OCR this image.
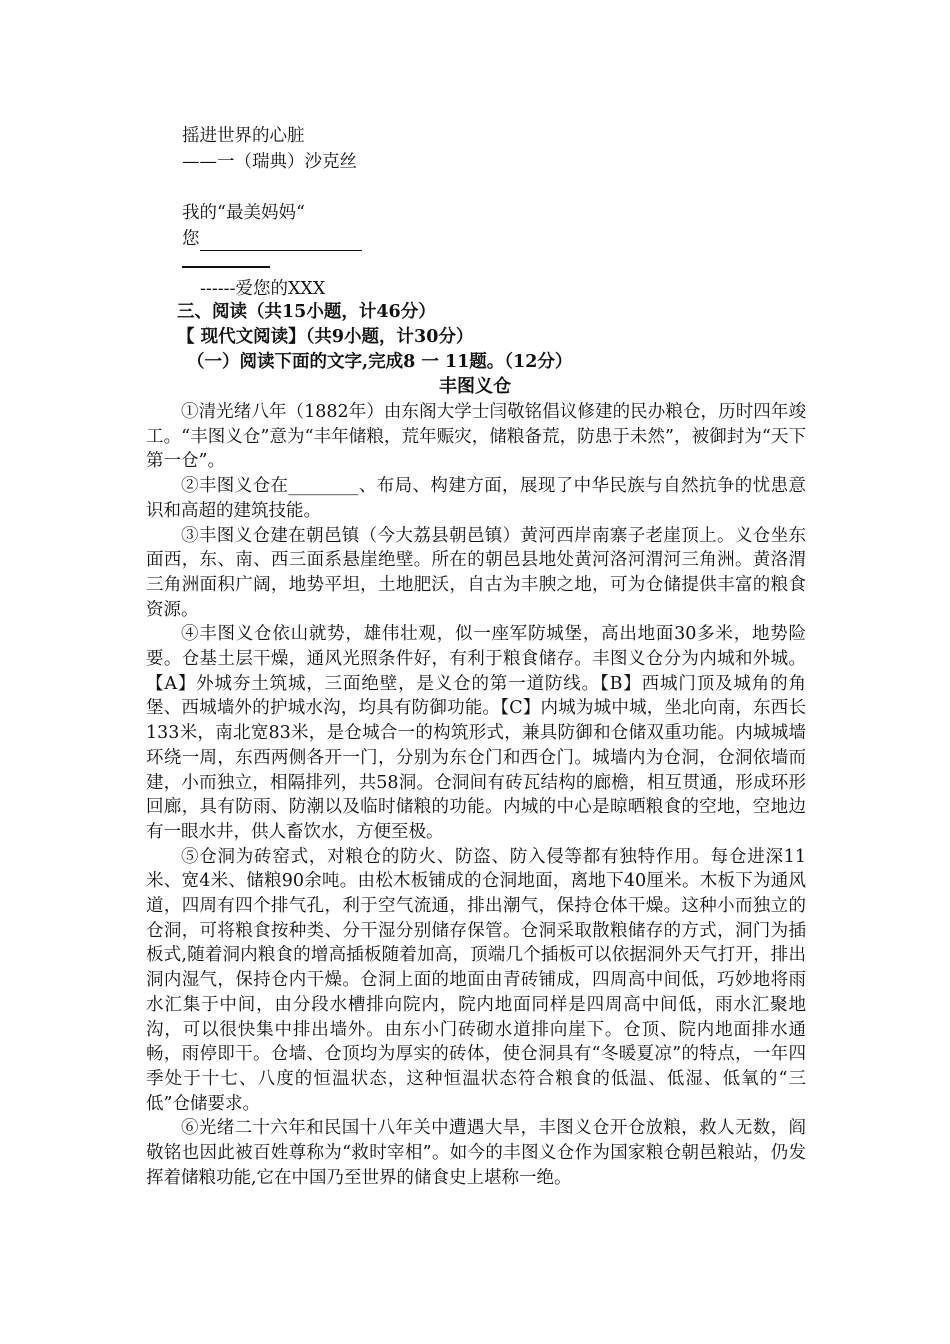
摇进世界的心脏
——一（瑞典）沙克丝
我的“最美妈妈“
您
------爱您的XXX
三、阅读（共15小题，计46分）
【 现代文阅读】（共9小题，计30分）
（一）阅读下面的文字,完成8 一 11题。（12分）
丰图义仓

①清光绪八年（1882年）由东阁大学士闫敬铭倡议修建的民办粮仓，历时四年竣工。“丰图义仓”意为“丰年储粮，荒年赈灾，储粮备荒，防患于未然”，被御封为“天下第一仓”。

②丰图义仓在________、布局、构建方面，展现了中华民族与自然抗争的忧患意识和高超的建筑技能。

③丰图义仓建在朝邑镇（今大荔县朝邑镇）黄河西岸南寨子老崖顶上。义仓坐东面西，东、南、西三面系悬崖绝壁。所在的朝邑县地处黄河洛河渭河三角洲。黄洛渭三角洲面积广阔，地势平坦，土地肥沃，自古为丰腴之地，可为仓储提供丰富的粮食资源。

④丰图义仓依山就势，雄伟壮观，似一座军防城堡，高出地面30多米，地势险要。仓基土层干燥，通风光照条件好，有利于粮食储存。丰图义仓分为内城和外城。【A】外城夯土筑城，三面绝壁，是义仓的第一道防线。【B】西城门顶及城角的角堡、西城墙外的护城水沟，均具有防御功能。【C】内城为城中城，坐北向南，东西长133米，南北宽83米，是仓城合一的构筑形式，兼具防御和仓储双重功能。内城城墙环绕一周，东西两侧各开一门，分别为东仓门和西仓门。城墙内为仓洞，仓洞依墙而建，小而独立，相隔排列，共58洞。仓洞间有砖瓦结构的廊檐，相互贯通，形成环形回廊，具有防雨、防潮以及临时储粮的功能。内城的中心是晾晒粮食的空地，空地边有一眼水井，供人畜饮水，方便至极。

⑤仓洞为砖窑式，对粮仓的防火、防盗、防入侵等都有独特作用。每仓进深11米、宽4米、储粮90余吨。由松木板铺成的仓洞地面，离地下40厘米。木板下为通风道，四周有四个排气孔，利于空气流通，排出潮气，保持仓体干燥。这种小而独立的仓洞，可将粮食按种类、分干湿分别储存保管。仓洞采取散粮储存的方式，洞门为插板式,随着洞内粮食的增高插板随着加高，顶端几个插板可以依据洞外天气打开，排出洞内湿气，保持仓内干燥。仓洞上面的地面由青砖铺成，四周高中间低，巧妙地将雨水汇集于中间，由分段水槽排向院内，院内地面同样是四周高中间低，雨水汇聚地沟，可以很快集中排出墙外。由东小门砖砌水道排向崖下。仓顶、院内地面排水通畅，雨停即干。仓墙、仓顶均为厚实的砖体，使仓洞具有“冬暖夏凉”的特点，一年四季处于十七、八度的恒温状态，这种恒温状态符合粮食的低温、低湿、低氧的“三低”仓储要求。

⑥光绪二十六年和民国十八年关中遭遇大旱，丰图义仓开仓放粮，救人无数，阎敬铭也因此被百姓尊称为“救时宰相”。如今的丰图义仓作为国家粮仓朝邑粮站，仍发挥着储粮功能,它在中国乃至世界的储食史上堪称一绝。
